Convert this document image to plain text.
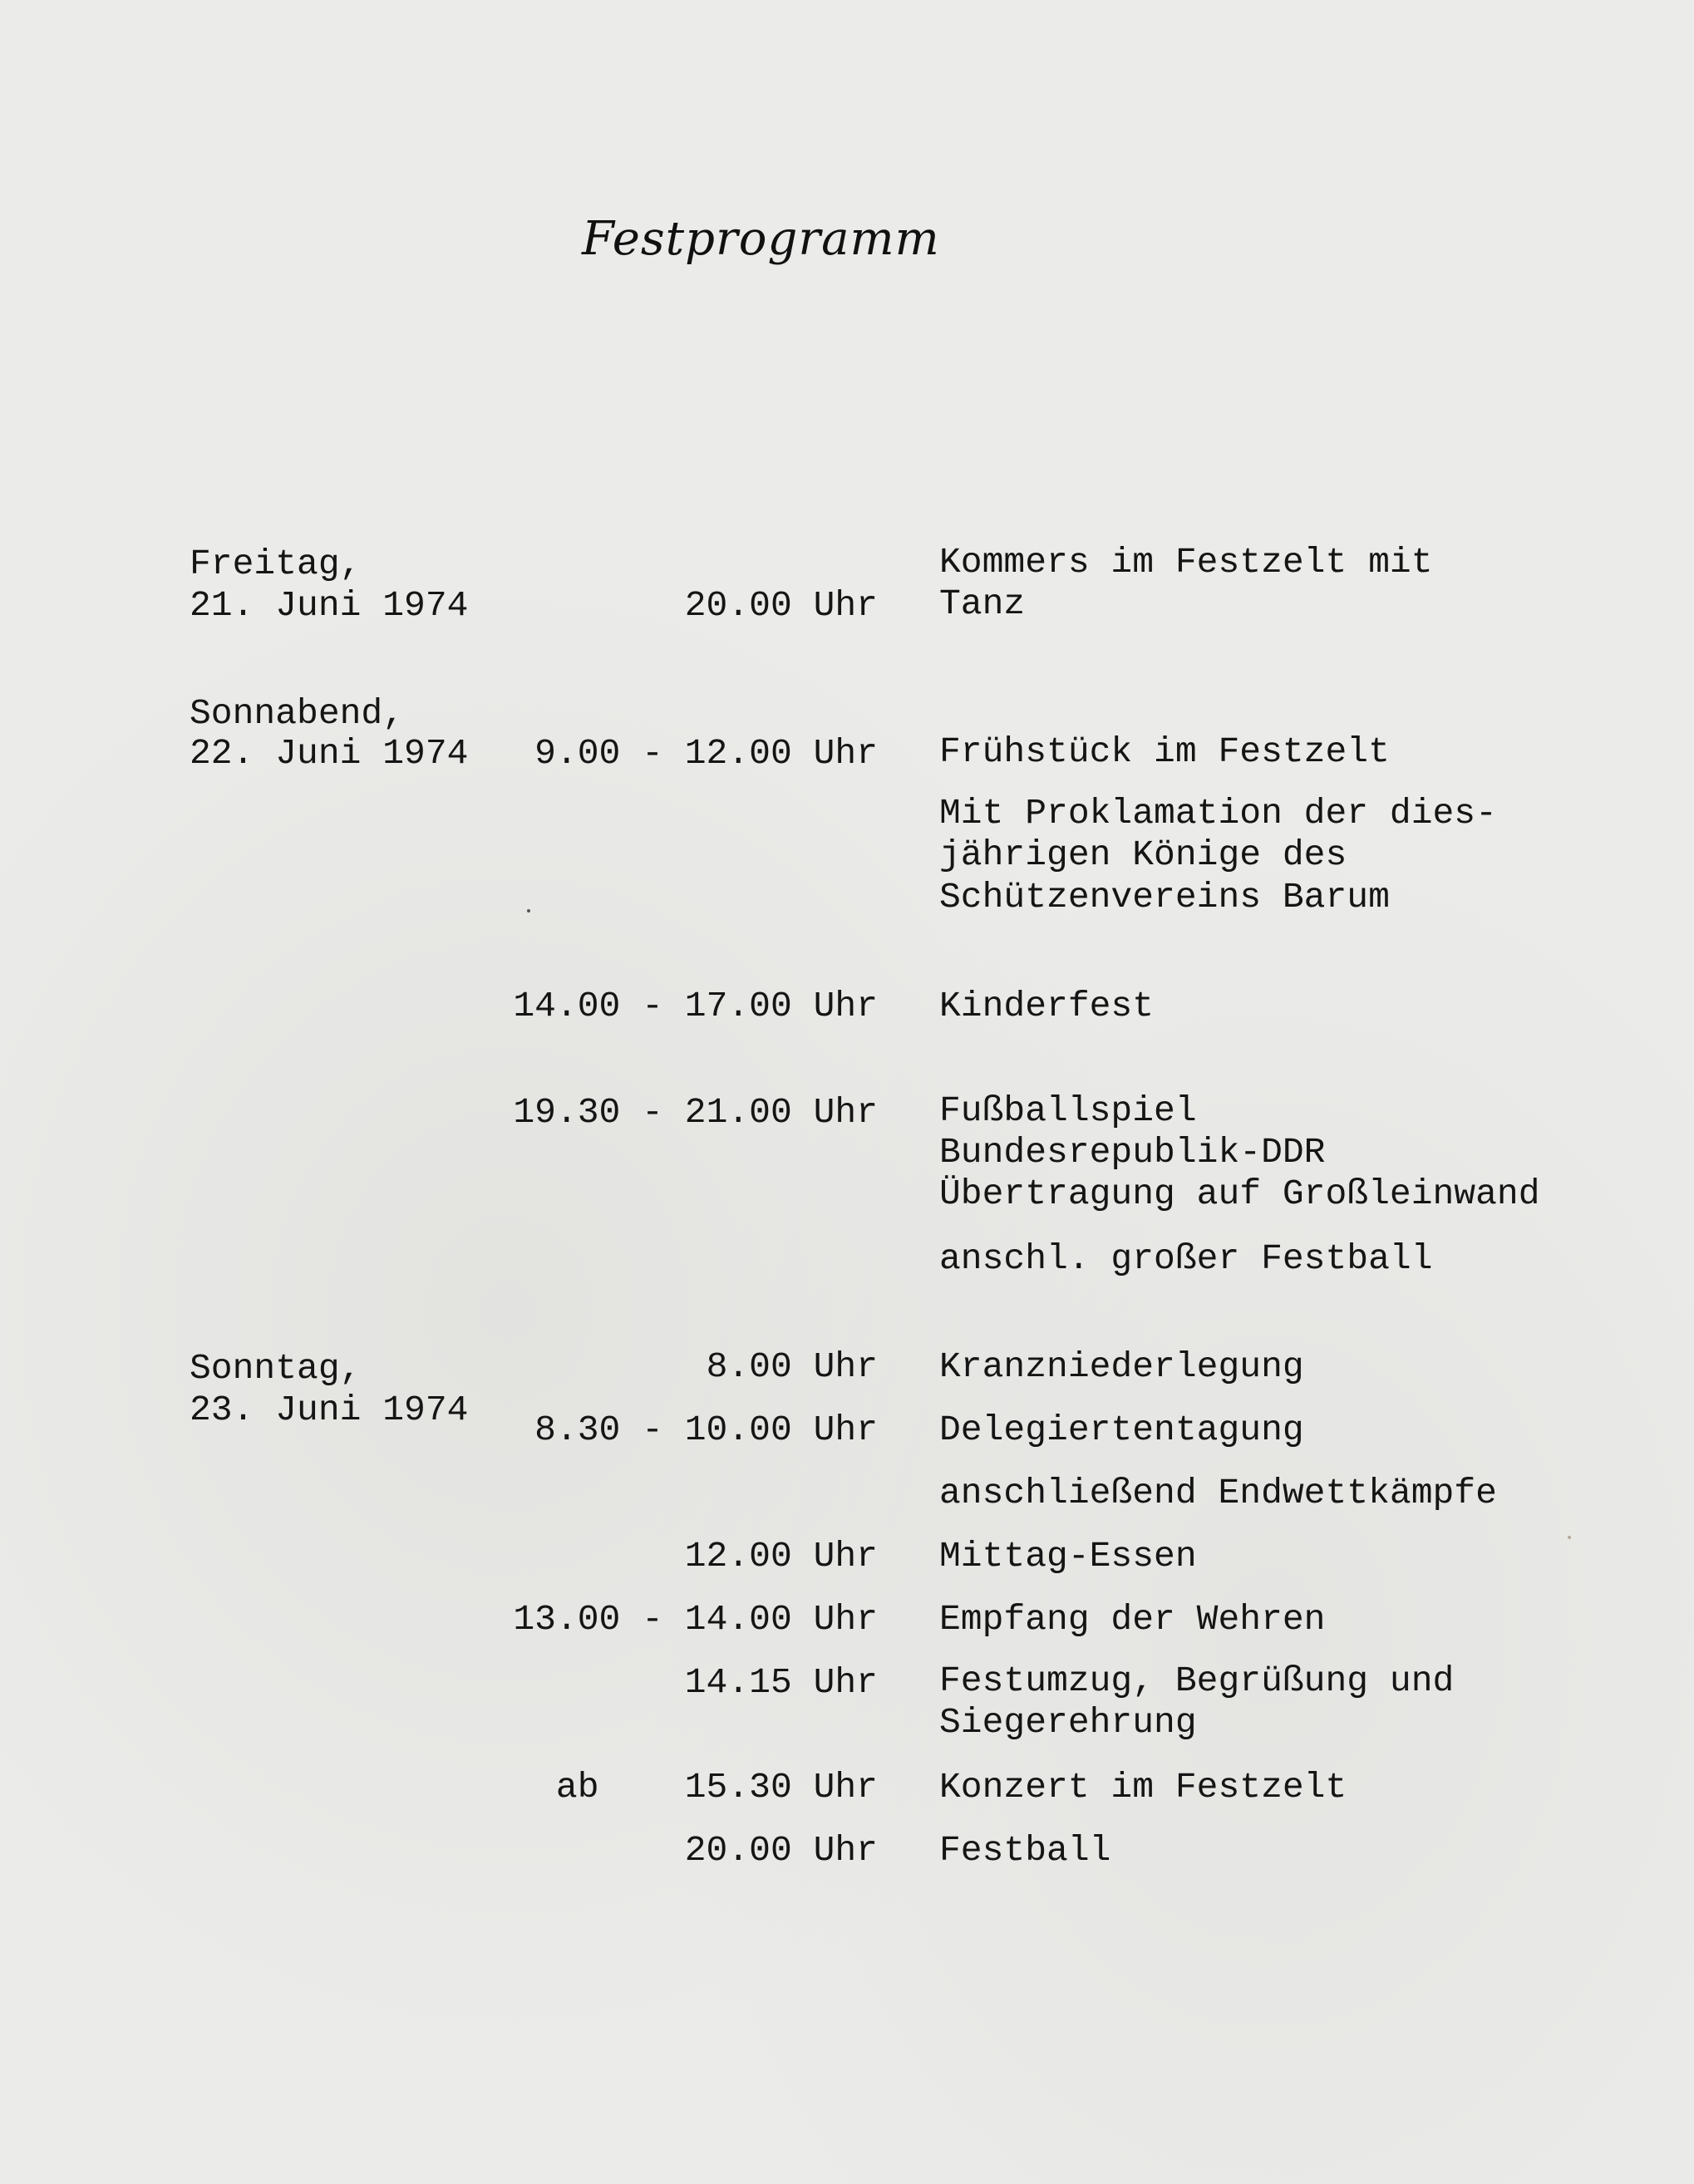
Festprogramm
Freitag,
21. Juni 1974	20.00 Uhr
Kommers im Festzelt mit
Tanz
Sonnabend,
22. Juni 1974 9.00 - 12.00 Uhr Frühstück im Festzelt
Mit Proklamation der dies-
jährigen Könige des
Schützenvereins Barum
14.00 - 17.00 Uhr Kinderfest
19.30 - 21.00 Uhr Fußballspiel
Bundesrepublik-DDR
Übertragung auf Großleinwand
anschl. großer Festball
Sonntag,
23. Juni 1974
8.00 Uhr Kranzniederlegung
8.30 - 10.00 Uhr Delegiertentagung
anschließend Endwettkämpfe
12.00 Uhr Mittag-Essen
13.00 - 14.00 Uhr Empfang der Wehren
14.15 Uhr Festumzug, Begrüßung und
Siegerehrung
ab    15.30 Uhr Konzert im Festzelt
20.00 Uhr Festball
